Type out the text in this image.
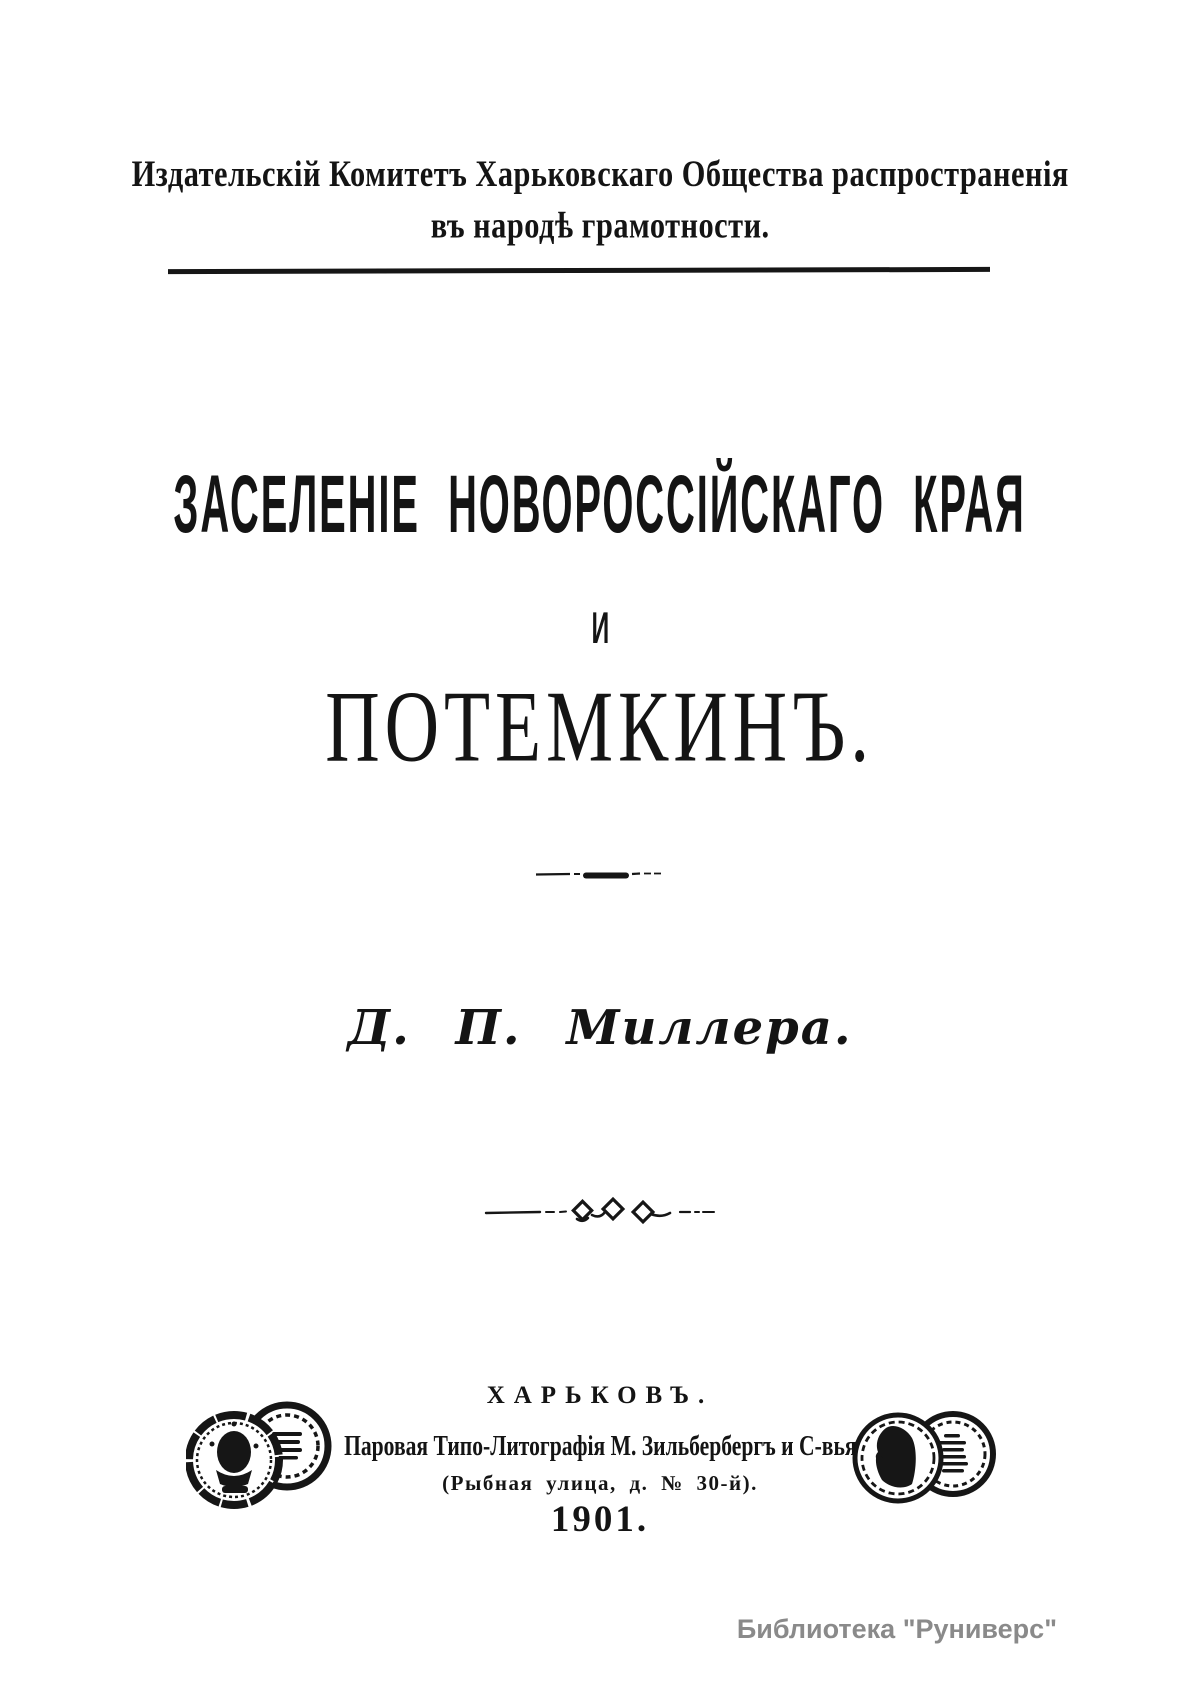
Издательскій Комитетъ Харьковскаго Общества распространенія
въ народѣ грамотности.
ЗАСЕЛЕНІЕ НОВОРОССІЙСКАГО КРАЯ
И
ПОТЕМКИНЪ.
Д. П. Миллера.
ХАРЬКОВЪ.
Паровая Типо-Литографія М. Зильбербергъ и С-вья
(Рыбная улица, д. № 30-й).
1901.
Библиотека "Руниверс"
